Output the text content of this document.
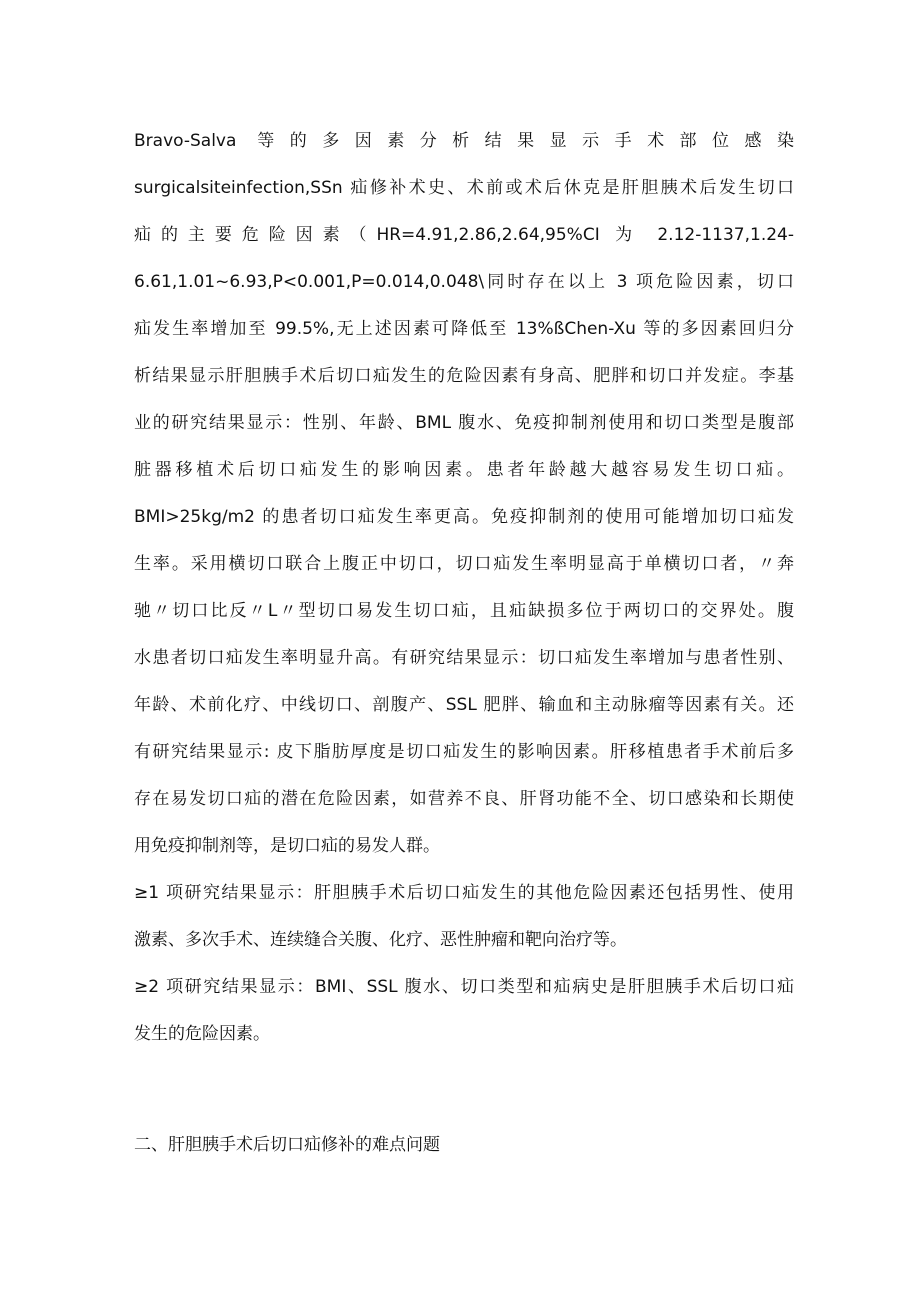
Bravo-Salva 等的多因素分析结果显示手术部位感染
surgicalsiteinfection,SSn 疝修补术史、术前或术后休克是肝胆胰术后发生切口
疝的主要危险因素（HR=4.91,2.86,2.64,95%CI 为 2.12-1137,1.24-
6.61,1.01~6.93,P<0.001,P=0.014,0.048\同时存在以上 3 项危险因素，切口
疝发生率增加至 99.5%,无上述因素可降低至 13%ßChen-Xu 等的多因素回归分
析结果显示肝胆胰手术后切口疝发生的危险因素有身高、肥胖和切口并发症。李基
业的研究结果显示：性别、年龄、BML 腹水、免疫抑制剂使用和切口类型是腹部
脏器移植术后切口疝发生的影响因素。患者年龄越大越容易发生切口疝。
BMI>25kg∕m2 的患者切口疝发生率更高。免疫抑制剂的使用可能增加切口疝发
生率。采用横切口联合上腹正中切口，切口疝发生率明显高于单横切口者，〃奔
驰〃切口比反〃L〃型切口易发生切口疝，且疝缺损多位于两切口的交界处。腹
水患者切口疝发生率明显升高。有研究结果显示：切口疝发生率增加与患者性别、
年龄、术前化疗、中线切口、剖腹产、SSL 肥胖、输血和主动脉瘤等因素有关。还
有研究结果显示: 皮下脂肪厚度是切口疝发生的影响因素。肝移植患者手术前后多
存在易发切口疝的潜在危险因素，如营养不良、肝肾功能不全、切口感染和长期使
用免疫抑制剂等，是切口疝的易发人群。
≥1 项研究结果显示：肝胆胰手术后切口疝发生的其他危险因素还包括男性、使用
激素、多次手术、连续缝合关腹、化疗、恶性肿瘤和靶向治疗等。
≥2 项研究结果显示：BMI、SSL 腹水、切口类型和疝病史是肝胆胰手术后切口疝
发生的危险因素。
二、肝胆胰手术后切口疝修补的难点问题
